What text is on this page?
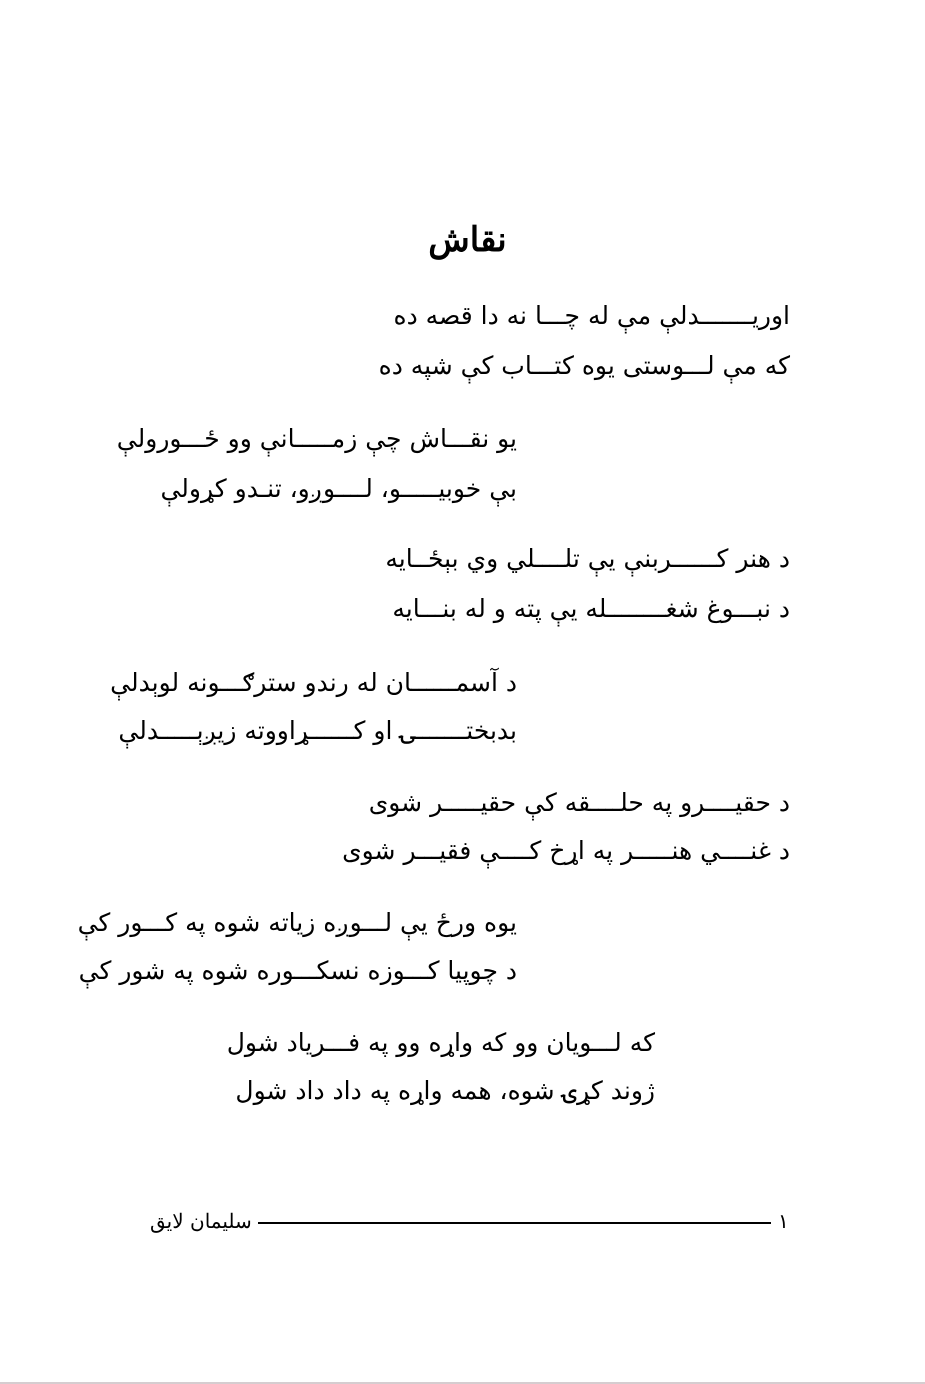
نقاش
اوریـــــــدلې مې له چـــا نه دا قصه ده
که مې لـــوستی یوه کتـــاب کې شپه ده
یو نقـــاش چې زمـــــانې وو ځـــورولې
بې خوبیـــــو، لــــوږو، تنـدو کړولې
د هنر کــــــربنې یې تلــــلي وي بېځــایه
د نبـــوغ شغــــــــله یې پته و له بنـــایه
د آسمــــــان له رندو سترګـــونه لوېدلې
بدبختـــــــۍ او کــــــړاووته زیږېـــــدلې
د حقیــــرو په حلــــقه کې حقیـــــر شوی
د غنــــي هنـــــر په اړخ کــــې فقیـــر شوی
یوه ورځ یې لـــوږه زیاته شوه په کـــور کې
د چوپیا کـــوزه نسکـــوره شوه په شور کې
که لـــویان وو که واړه وو په فـــریاد شول
ژوند کړۍ شوه، همه واړه په داد داد شول
سلیمان لایق	۱
